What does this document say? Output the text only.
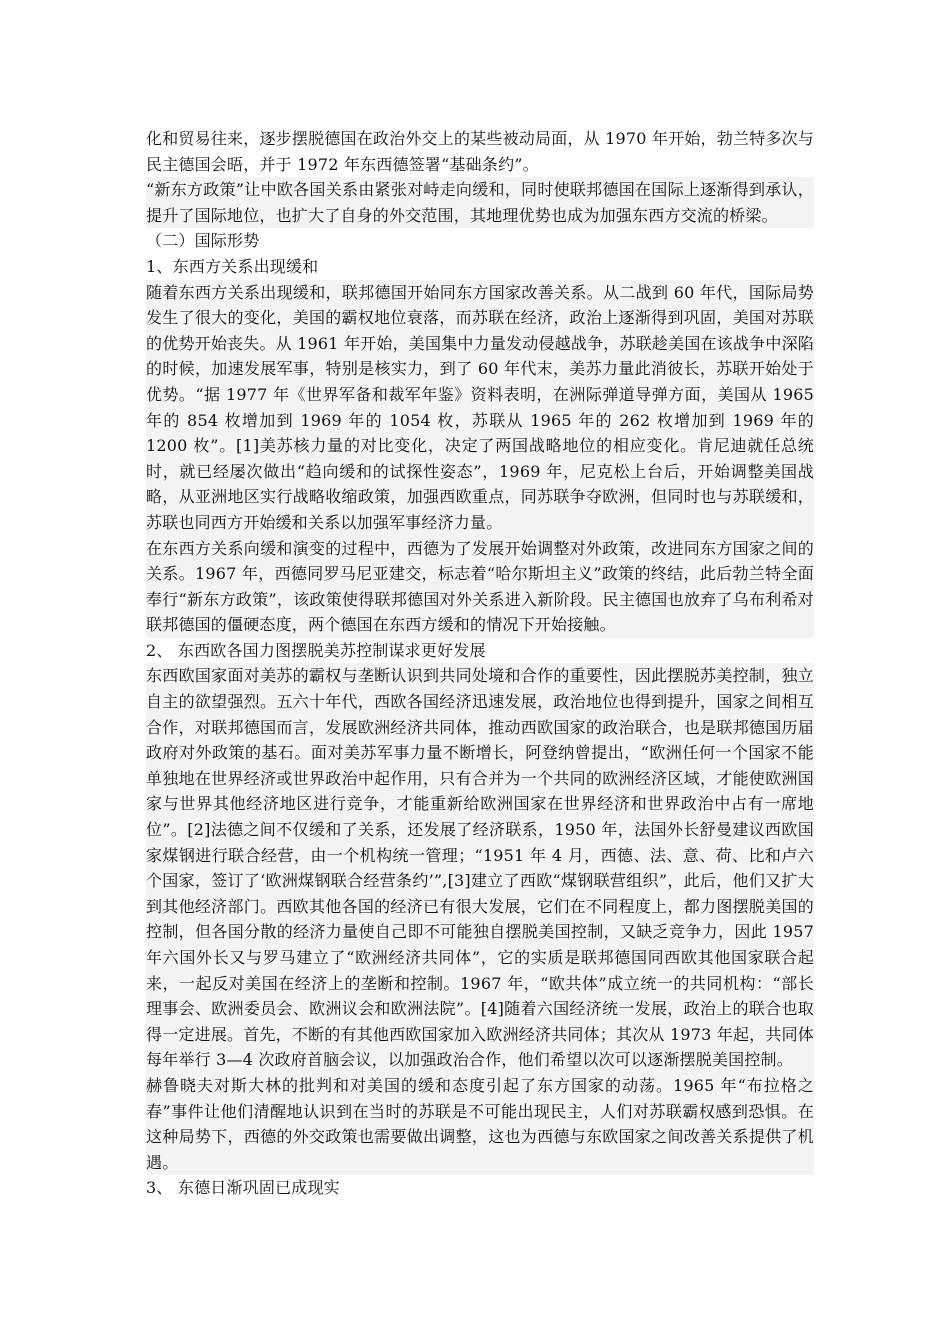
化和贸易往来，逐步摆脱德国在政治外交上的某些被动局面，从 1970 年开始，勃兰特多次与民主德国会晤，并于 1972 年东西德签署“基础条约”。

“新东方政策”让中欧各国关系由紧张对峙走向缓和，同时使联邦德国在国际上逐渐得到承认，提升了国际地位，也扩大了自身的外交范围，其地理优势也成为加强东西方交流的桥梁。

（二）国际形势

1、东西方关系出现缓和

随着东西方关系出现缓和，联邦德国开始同东方国家改善关系。从二战到 60 年代，国际局势发生了很大的变化，美国的霸权地位衰落，而苏联在经济，政治上逐渐得到巩固，美国对苏联的优势开始丧失。从 1961 年开始，美国集中力量发动侵越战争，苏联趁美国在该战争中深陷的时候，加速发展军事，特别是核实力，到了 60 年代末，美苏力量此消彼长，苏联开始处于优势。“据 1977 年《世界军备和裁军年鉴》资料表明，在洲际弹道导弹方面，美国从 1965 年的 854 枚增加到 1969 年的 1054 枚，苏联从 1965 年的 262 枚增加到 1969 年的 1200 枚”。[1]美苏核力量的对比变化，决定了两国战略地位的相应变化。肯尼迪就任总统时，就已经屡次做出“趋向缓和的试探性姿态”，1969 年，尼克松上台后，开始调整美国战略，从亚洲地区实行战略收缩政策，加强西欧重点，同苏联争夺欧洲，但同时也与苏联缓和，苏联也同西方开始缓和关系以加强军事经济力量。

在东西方关系向缓和演变的过程中，西德为了发展开始调整对外政策，改进同东方国家之间的关系。1967 年，西德同罗马尼亚建交，标志着“哈尔斯坦主义”政策的终结，此后勃兰特全面奉行“新东方政策”，该政策使得联邦德国对外关系进入新阶段。民主德国也放弃了乌布利希对联邦德国的僵硬态度，两个德国在东西方缓和的情况下开始接触。

2、 东西欧各国力图摆脱美苏控制谋求更好发展

东西欧国家面对美苏的霸权与垄断认识到共同处境和合作的重要性，因此摆脱苏美控制，独立自主的欲望强烈。五六十年代，西欧各国经济迅速发展，政治地位也得到提升，国家之间相互合作，对联邦德国而言，发展欧洲经济共同体，推动西欧国家的政治联合，也是联邦德国历届政府对外政策的基石。面对美苏军事力量不断增长，阿登纳曾提出，“欧洲任何一个国家不能单独地在世界经济或世界政治中起作用，只有合并为一个共同的欧洲经济区域，才能使欧洲国家与世界其他经济地区进行竞争，才能重新给欧洲国家在世界经济和世界政治中占有一席地位”。[2]法德之间不仅缓和了关系，还发展了经济联系，1950 年，法国外长舒曼建议西欧国家煤钢进行联合经营，由一个机构统一管理；“1951 年 4 月，西德、法、意、荷、比和卢六个国家，签订了‘欧洲煤钢联合经营条约’”,[3]建立了西欧“煤钢联营组织”，此后，他们又扩大到其他经济部门。西欧其他各国的经济已有很大发展，它们在不同程度上，都力图摆脱美国的控制，但各国分散的经济力量使自己即不可能独自摆脱美国控制，又缺乏竞争力，因此 1957 年六国外长又与罗马建立了“欧洲经济共同体”，它的实质是联邦德国同西欧其他国家联合起来，一起反对美国在经济上的垄断和控制。1967 年，“欧共体”成立统一的共同机构：“部长理事会、欧洲委员会、欧洲议会和欧洲法院”。[4]随着六国经济统一发展，政治上的联合也取得一定进展。首先，不断的有其他西欧国家加入欧洲经济共同体；其次从 1973 年起，共同体每年举行 3—4 次政府首脑会议，以加强政治合作，他们希望以次可以逐渐摆脱美国控制。

赫鲁晓夫对斯大林的批判和对美国的缓和态度引起了东方国家的动荡。1965 年“布拉格之春”事件让他们清醒地认识到在当时的苏联是不可能出现民主，人们对苏联霸权感到恐惧。在这种局势下，西德的外交政策也需要做出调整，这也为西德与东欧国家之间改善关系提供了机遇。

3、 东德日渐巩固已成现实
